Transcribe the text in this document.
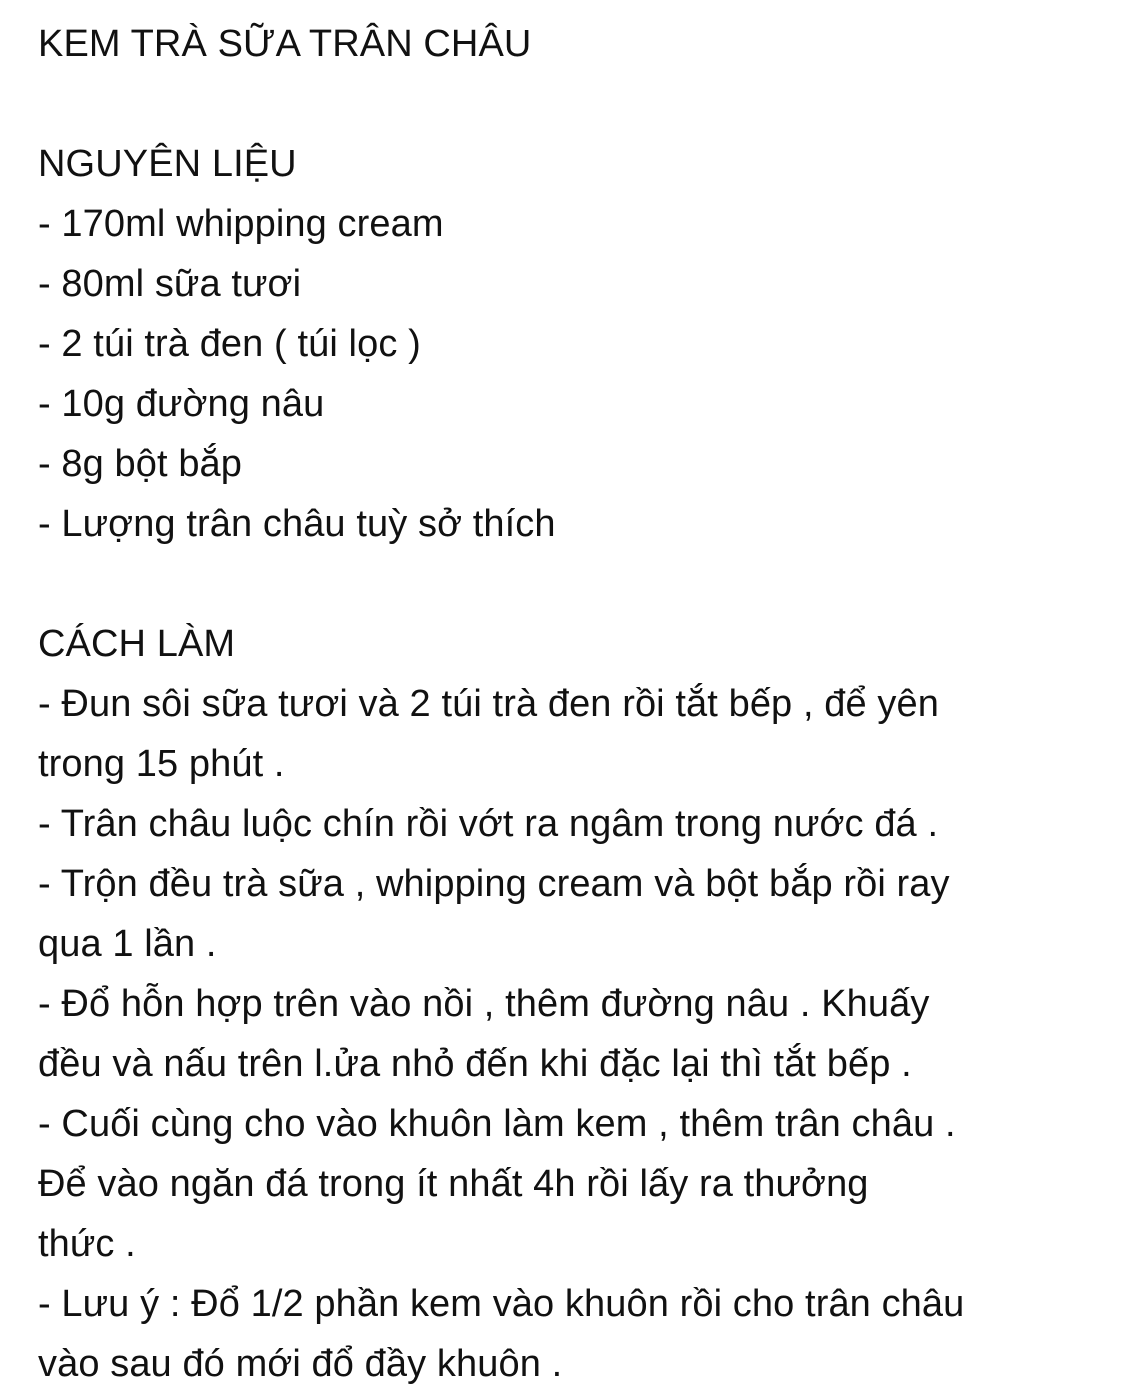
KEM TRÀ SỮA TRÂN CHÂU
NGUYÊN LIỆU
- 170ml whipping cream
- 80ml sữa tươi
- 2 túi trà đen ( túi lọc )
- 10g đường nâu
- 8g bột bắp
- Lượng trân châu tuỳ sở thích
CÁCH LÀM
- Đun sôi sữa tươi và 2 túi trà đen rồi tắt bếp , để yên
trong 15 phút .
- Trân châu luộc chín rồi vớt ra ngâm trong nước đá .
- Trộn đều trà sữa , whipping cream và bột bắp rồi ray
qua 1 lần .
- Đổ hỗn hợp trên vào nồi , thêm đường nâu . Khuấy
đều và nấu trên l.ửa nhỏ đến khi đặc lại thì tắt bếp .
- Cuối cùng cho vào khuôn làm kem , thêm trân châu .
Để vào ngăn đá trong ít nhất 4h rồi lấy ra thưởng
thức .
- Lưu ý : Đổ 1/2 phần kem vào khuôn rồi cho trân châu
vào sau đó mới đổ đầy khuôn .
